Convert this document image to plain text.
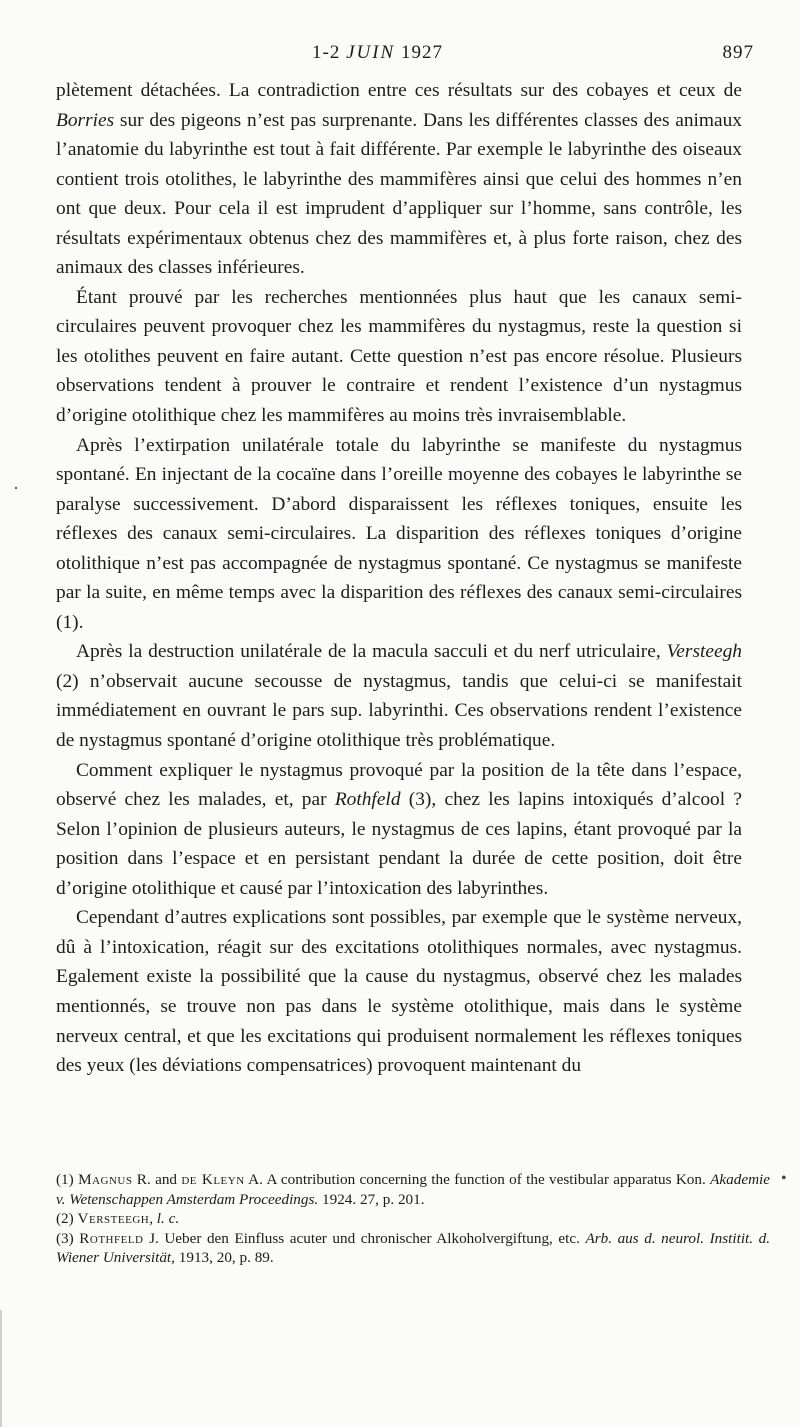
1-2 JUIN 1927	897

plètement détachées. La contradiction entre ces résultats sur des cobayes et ceux de Borries sur des pigeons n’est pas surprenante. Dans les différentes classes des animaux l’anatomie du labyrinthe est tout à fait différente. Par exemple le labyrinthe des oiseaux contient trois otolithes, le labyrinthe des mammifères ainsi que celui des hommes n’en ont que deux. Pour cela il est imprudent d’appliquer sur l’homme, sans contrôle, les résultats expérimentaux obtenus chez des mammifères et, à plus forte raison, chez des animaux des classes inférieures.

Étant prouvé par les recherches mentionnées plus haut que les canaux semi-circulaires peuvent provoquer chez les mammifères du nystagmus, reste la question si les otolithes peuvent en faire autant. Cette question n’est pas encore résolue. Plusieurs observations tendent à prouver le contraire et rendent l’existence d’un nystagmus d’origine otolithique chez les mammifères au moins très invraisemblable.

Après l’extirpation unilatérale totale du labyrinthe se manifeste du nystagmus spontané. En injectant de la cocaïne dans l’oreille moyenne des cobayes le labyrinthe se paralyse successivement. D’abord disparaissent les réflexes toniques, ensuite les réflexes des canaux semi-circulaires. La disparition des réflexes toniques d’origine otolithique n’est pas accompagnée de nystagmus spontané. Ce nystagmus se manifeste par la suite, en même temps avec la disparition des réflexes des canaux semi-circulaires (1).

Après la destruction unilatérale de la macula sacculi et du nerf utriculaire, Versteegh (2) n’observait aucune secousse de nystagmus, tandis que celui-ci se manifestait immédiatement en ouvrant le pars sup. labyrinthi. Ces observations rendent l’existence de nystagmus spontané d’origine otolithique très problématique.

Comment expliquer le nystagmus provoqué par la position de la tête dans l’espace, observé chez les malades, et, par Rothfeld (3), chez les lapins intoxiqués d’alcool ? Selon l’opinion de plusieurs auteurs, le nystagmus de ces lapins, étant provoqué par la position dans l’espace et en persistant pendant la durée de cette position, doit être d’origine otolithique et causé par l’intoxication des labyrinthes.

Cependant d’autres explications sont possibles, par exemple que le système nerveux, dû à l’intoxication, réagit sur des excitations otolithiques normales, avec nystagmus. Egalement existe la possibilité que la cause du nystagmus, observé chez les malades mentionnés, se trouve non pas dans le système otolithique, mais dans le système nerveux central, et que les excitations qui produisent normalement les réflexes toniques des yeux (les déviations compensatrices) provoquent maintenant du

(1) Magnus R. and de Kleyn A. A contribution concerning the function of the vestibular apparatus Kon. Akademie v. Wetenschappen Amsterdam Proceedings. 1924. 27, p. 201.

(2) Versteegh, l. c.

(3) Rothfeld J. Ueber den Einfluss acuter und chronischer Alkoholvergiftung, etc. Arb. aus d. neurol. Institit. d. Wiener Universität, 1913, 20, p. 89.

·
•
